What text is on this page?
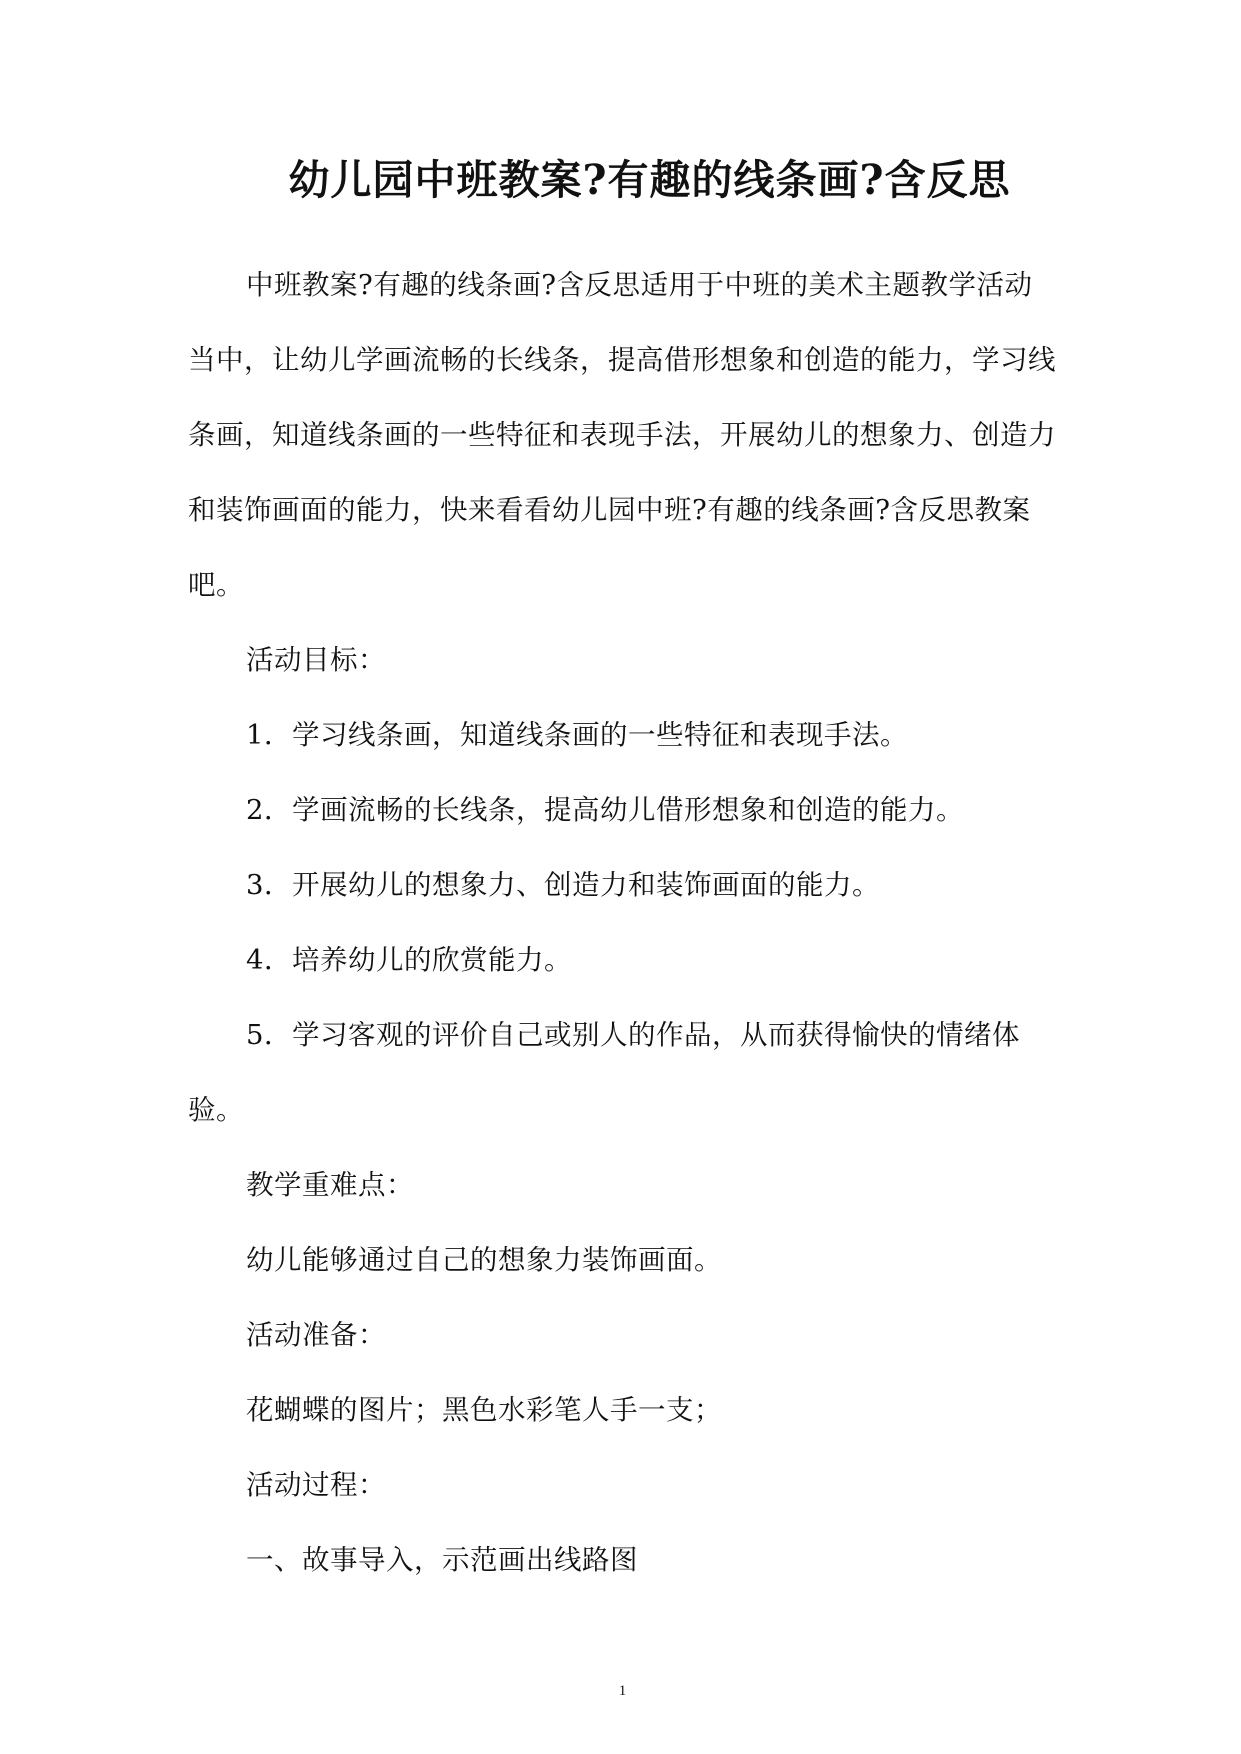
幼儿园中班教案?有趣的线条画?含反思

中班教案?有趣的线条画?含反思适用于中班的美术主题教学活动当中，让幼儿学画流畅的长线条，提高借形想象和创造的能力，学习线条画，知道线条画的一些特征和表现手法，开展幼儿的想象力、创造力和装饰画面的能力，快来看看幼儿园中班?有趣的线条画?含反思教案吧。

活动目标：

1．学习线条画，知道线条画的一些特征和表现手法。

2．学画流畅的长线条，提高幼儿借形想象和创造的能力。

3．开展幼儿的想象力、创造力和装饰画面的能力。

4．培养幼儿的欣赏能力。

5．学习客观的评价自己或别人的作品，从而获得愉快的情绪体验。

教学重难点：

幼儿能够通过自己的想象力装饰画面。

活动准备：

花蝴蝶的图片；黑色水彩笔人手一支；

活动过程：

一、故事导入，示范画出线路图

1
